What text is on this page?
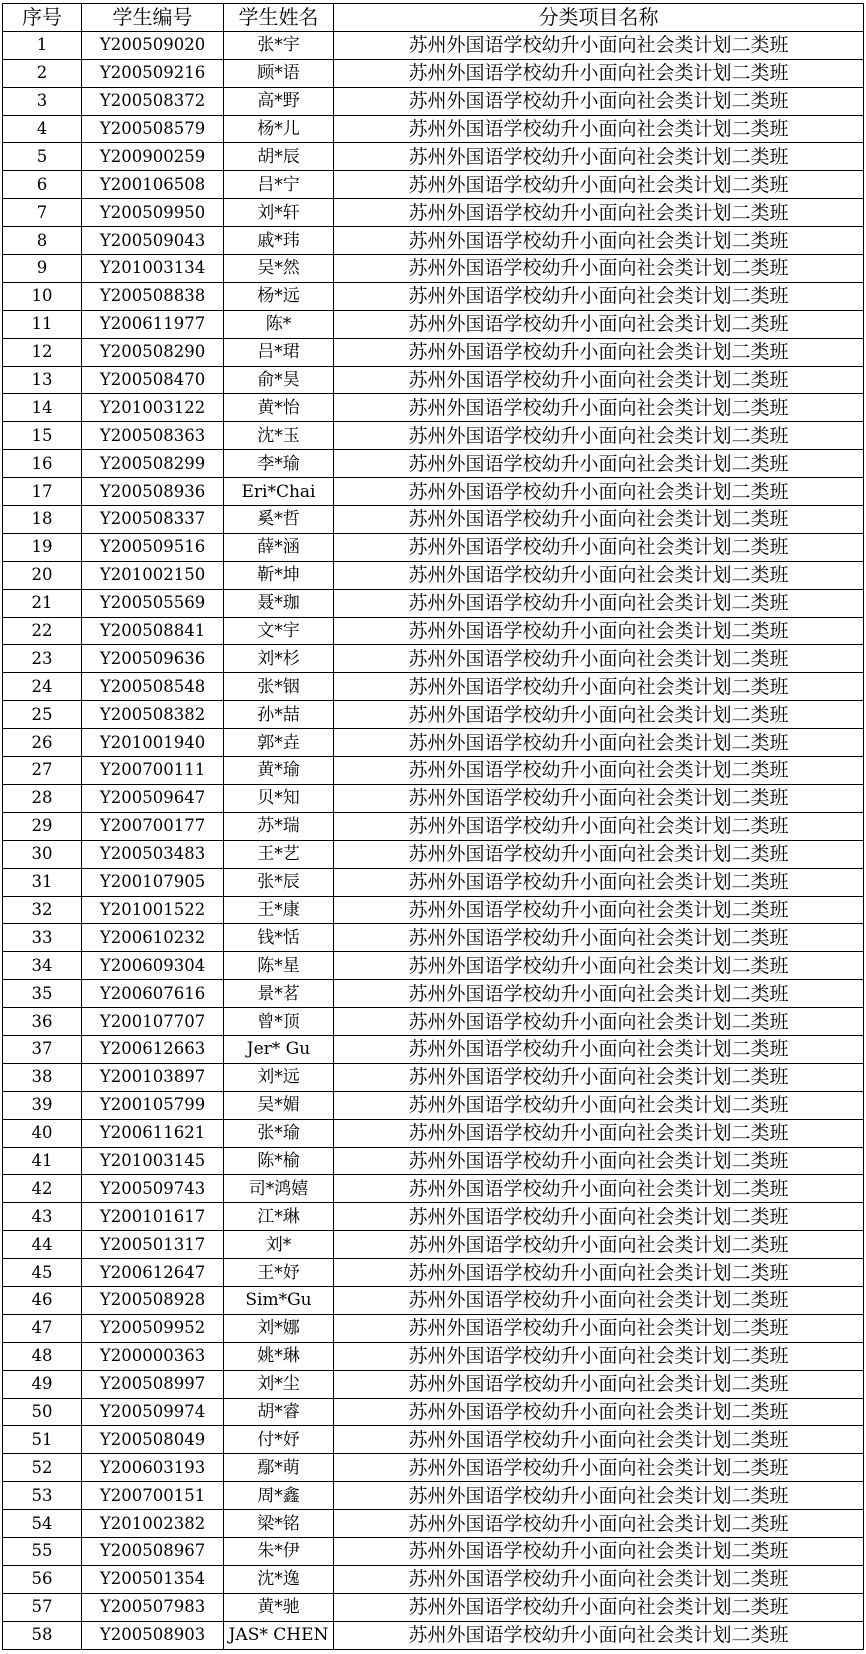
序号	学生编号	学生姓名	分类项目名称
1	Y200509020	张*宇	苏州外国语学校幼升小面向社会类计划二类班
2	Y200509216	顾*语	苏州外国语学校幼升小面向社会类计划二类班
3	Y200508372	高*野	苏州外国语学校幼升小面向社会类计划二类班
4	Y200508579	杨*儿	苏州外国语学校幼升小面向社会类计划二类班
5	Y200900259	胡*辰	苏州外国语学校幼升小面向社会类计划二类班
6	Y200106508	吕*宁	苏州外国语学校幼升小面向社会类计划二类班
7	Y200509950	刘*轩	苏州外国语学校幼升小面向社会类计划二类班
8	Y200509043	戚*玮	苏州外国语学校幼升小面向社会类计划二类班
9	Y201003134	吴*然	苏州外国语学校幼升小面向社会类计划二类班
10	Y200508838	杨*远	苏州外国语学校幼升小面向社会类计划二类班
11	Y200611977	陈*	苏州外国语学校幼升小面向社会类计划二类班
12	Y200508290	吕*珺	苏州外国语学校幼升小面向社会类计划二类班
13	Y200508470	俞*昊	苏州外国语学校幼升小面向社会类计划二类班
14	Y201003122	黄*怡	苏州外国语学校幼升小面向社会类计划二类班
15	Y200508363	沈*玉	苏州外国语学校幼升小面向社会类计划二类班
16	Y200508299	李*瑜	苏州外国语学校幼升小面向社会类计划二类班
17	Y200508936	Eri*Chai	苏州外国语学校幼升小面向社会类计划二类班
18	Y200508337	奚*哲	苏州外国语学校幼升小面向社会类计划二类班
19	Y200509516	薛*涵	苏州外国语学校幼升小面向社会类计划二类班
20	Y201002150	靳*坤	苏州外国语学校幼升小面向社会类计划二类班
21	Y200505569	聂*珈	苏州外国语学校幼升小面向社会类计划二类班
22	Y200508841	文*宇	苏州外国语学校幼升小面向社会类计划二类班
23	Y200509636	刘*杉	苏州外国语学校幼升小面向社会类计划二类班
24	Y200508548	张*铟	苏州外国语学校幼升小面向社会类计划二类班
25	Y200508382	孙*喆	苏州外国语学校幼升小面向社会类计划二类班
26	Y201001940	郭*垚	苏州外国语学校幼升小面向社会类计划二类班
27	Y200700111	黄*瑜	苏州外国语学校幼升小面向社会类计划二类班
28	Y200509647	贝*知	苏州外国语学校幼升小面向社会类计划二类班
29	Y200700177	苏*瑞	苏州外国语学校幼升小面向社会类计划二类班
30	Y200503483	王*艺	苏州外国语学校幼升小面向社会类计划二类班
31	Y200107905	张*辰	苏州外国语学校幼升小面向社会类计划二类班
32	Y201001522	王*康	苏州外国语学校幼升小面向社会类计划二类班
33	Y200610232	钱*恬	苏州外国语学校幼升小面向社会类计划二类班
34	Y200609304	陈*星	苏州外国语学校幼升小面向社会类计划二类班
35	Y200607616	景*茗	苏州外国语学校幼升小面向社会类计划二类班
36	Y200107707	曾*顶	苏州外国语学校幼升小面向社会类计划二类班
37	Y200612663	Jer* Gu	苏州外国语学校幼升小面向社会类计划二类班
38	Y200103897	刘*远	苏州外国语学校幼升小面向社会类计划二类班
39	Y200105799	吴*媚	苏州外国语学校幼升小面向社会类计划二类班
40	Y200611621	张*瑜	苏州外国语学校幼升小面向社会类计划二类班
41	Y201003145	陈*榆	苏州外国语学校幼升小面向社会类计划二类班
42	Y200509743	司*鸿嬉	苏州外国语学校幼升小面向社会类计划二类班
43	Y200101617	江*琳	苏州外国语学校幼升小面向社会类计划二类班
44	Y200501317	刘*	苏州外国语学校幼升小面向社会类计划二类班
45	Y200612647	王*妤	苏州外国语学校幼升小面向社会类计划二类班
46	Y200508928	Sim*Gu	苏州外国语学校幼升小面向社会类计划二类班
47	Y200509952	刘*娜	苏州外国语学校幼升小面向社会类计划二类班
48	Y200000363	姚*琳	苏州外国语学校幼升小面向社会类计划二类班
49	Y200508997	刘*尘	苏州外国语学校幼升小面向社会类计划二类班
50	Y200509974	胡*睿	苏州外国语学校幼升小面向社会类计划二类班
51	Y200508049	付*妤	苏州外国语学校幼升小面向社会类计划二类班
52	Y200603193	鄢*萌	苏州外国语学校幼升小面向社会类计划二类班
53	Y200700151	周*鑫	苏州外国语学校幼升小面向社会类计划二类班
54	Y201002382	梁*铭	苏州外国语学校幼升小面向社会类计划二类班
55	Y200508967	朱*伊	苏州外国语学校幼升小面向社会类计划二类班
56	Y200501354	沈*逸	苏州外国语学校幼升小面向社会类计划二类班
57	Y200507983	黄*驰	苏州外国语学校幼升小面向社会类计划二类班
58	Y200508903	JAS* CHEN	苏州外国语学校幼升小面向社会类计划二类班
